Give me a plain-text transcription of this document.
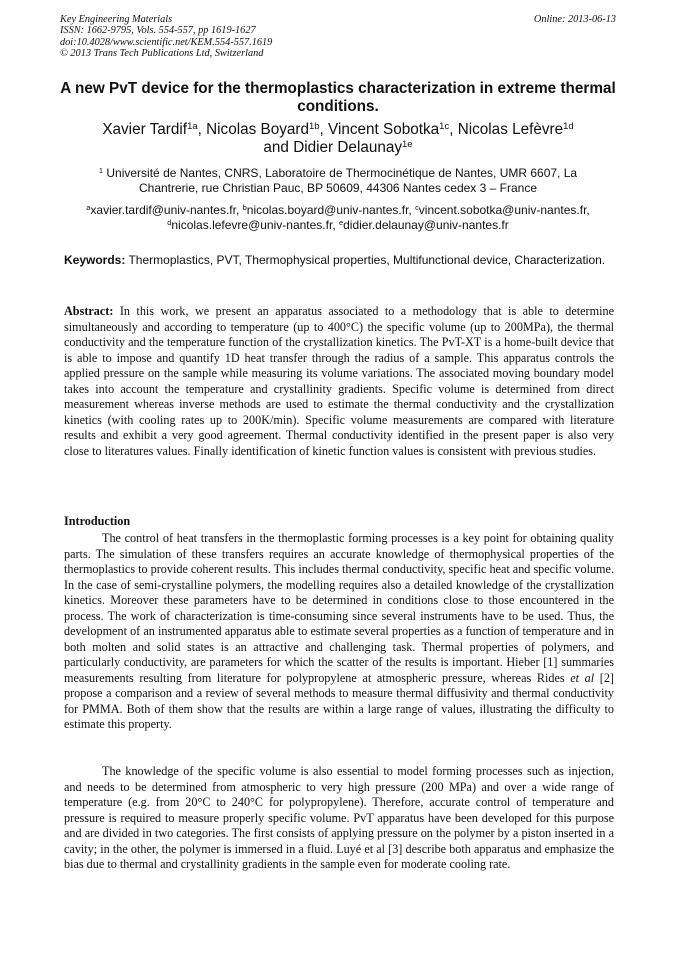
Key Engineering Materials
ISSN: 1662-9795, Vols. 554-557, pp 1619-1627
doi:10.4028/www.scientific.net/KEM.554-557.1619
© 2013 Trans Tech Publications Ltd, Switzerland
Online: 2013-06-13
A new PvT device for the thermoplastics characterization in extreme thermal conditions.
Xavier Tardif$^{1a}$, Nicolas Boyard$^{1b}$, Vincent Sobotka$^{1c}$, Nicolas Lefèvre$^{1d}$
and Didier Delaunay$^{1e}$
$^1$ Université de Nantes, CNRS, Laboratoire de Thermocinétique de Nantes, UMR 6607, La Chantrerie, rue Christian Pauc, BP 50609, 44306 Nantes cedex 3 – France
$^a$xavier.tardif@univ-nantes.fr, $^b$nicolas.boyard@univ-nantes.fr, $^c$vincent.sobotka@univ-nantes.fr,
$^d$nicolas.lefevre@univ-nantes.fr, $^e$didier.delaunay@univ-nantes.fr
Keywords: Thermoplastics, PVT, Thermophysical properties, Multifunctional device, Characterization.
Abstract: In this work, we present an apparatus associated to a methodology that is able to determine simultaneously and according to temperature (up to 400°C) the specific volume (up to 200MPa), the thermal conductivity and the temperature function of the crystallization kinetics. The PvT-XT is a home-built device that is able to impose and quantify 1D heat transfer through the radius of a sample. This apparatus controls the applied pressure on the sample while measuring its volume variations. The associated moving boundary model takes into account the temperature and crystallinity gradients. Specific volume is determined from direct measurement whereas inverse methods are used to estimate the thermal conductivity and the crystallization kinetics (with cooling rates up to 200K/min). Specific volume measurements are compared with literature results and exhibit a very good agreement. Thermal conductivity identified in the present paper is also very close to literatures values. Finally identification of kinetic function values is consistent with previous studies.
Introduction
The control of heat transfers in the thermoplastic forming processes is a key point for obtaining quality parts. The simulation of these transfers requires an accurate knowledge of thermophysical properties of the thermoplastics to provide coherent results. This includes thermal conductivity, specific heat and specific volume. In the case of semi-crystalline polymers, the modelling requires also a detailed knowledge of the crystallization kinetics. Moreover these parameters have to be determined in conditions close to those encountered in the process. The work of characterization is time-consuming since several instruments have to be used. Thus, the development of an instrumented apparatus able to estimate several properties as a function of temperature and in both molten and solid states is an attractive and challenging task. Thermal properties of polymers, and particularly conductivity, are parameters for which the scatter of the results is important. Hieber [1] summaries measurements resulting from literature for polypropylene at atmospheric pressure, whereas Rides et al [2] propose a comparison and a review of several methods to measure thermal diffusivity and thermal conductivity for PMMA. Both of them show that the results are within a large range of values, illustrating the difficulty to estimate this property.
The knowledge of the specific volume is also essential to model forming processes such as injection, and needs to be determined from atmospheric to very high pressure (200 MPa) and over a wide range of temperature (e.g. from 20°C to 240°C for polypropylene). Therefore, accurate control of temperature and pressure is required to measure properly specific volume. PvT apparatus have been developed for this purpose and are divided in two categories. The first consists of applying pressure on the polymer by a piston inserted in a cavity; in the other, the polymer is immersed in a fluid. Luyé et al [3] describe both apparatus and emphasize the bias due to thermal and crystallinity gradients in the sample even for moderate cooling rate.
